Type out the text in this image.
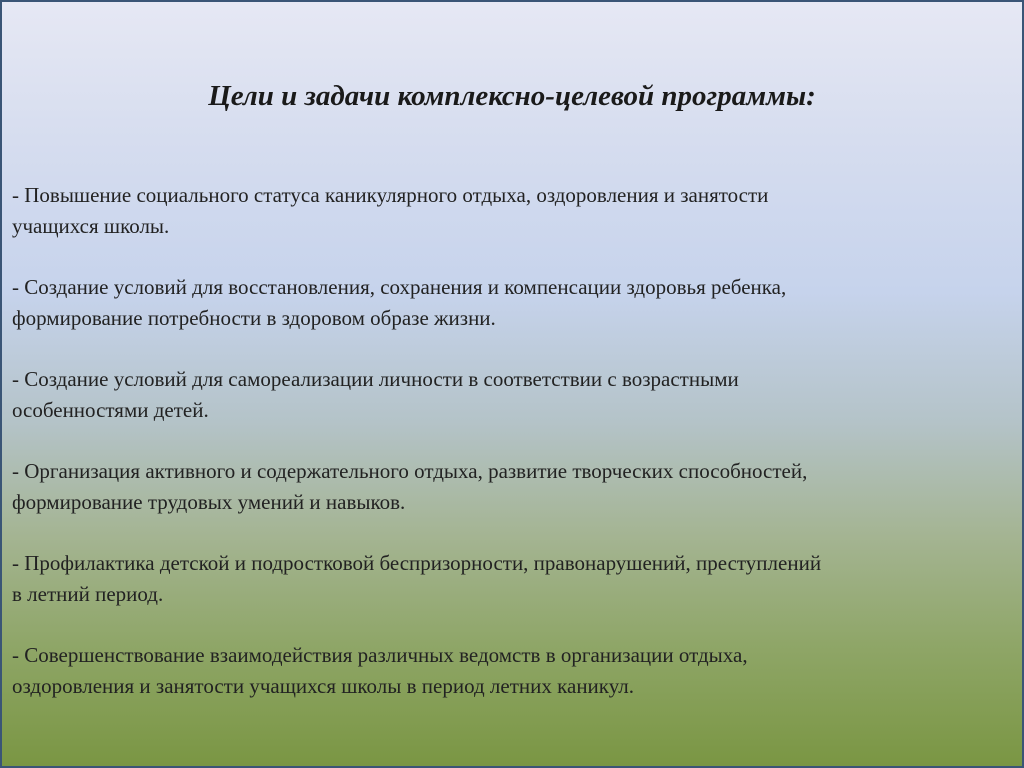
Цели и задачи комплексно-целевой программы:
- Повышение социального статуса каникулярного отдыха, оздоровления и занятости
учащихся школы.
- Создание условий для восстановления, сохранения и компенсации здоровья ребенка,
формирование потребности в здоровом образе жизни.
- Создание условий для самореализации личности в соответствии с возрастными
особенностями детей.
- Организация активного и содержательного отдыха, развитие творческих способностей,
формирование трудовых умений и навыков.
- Профилактика детской и подростковой беспризорности, правонарушений, преступлений
в летний период.
- Совершенствование взаимодействия различных ведомств в организации отдыха,
оздоровления и занятости учащихся школы в период летних каникул.
